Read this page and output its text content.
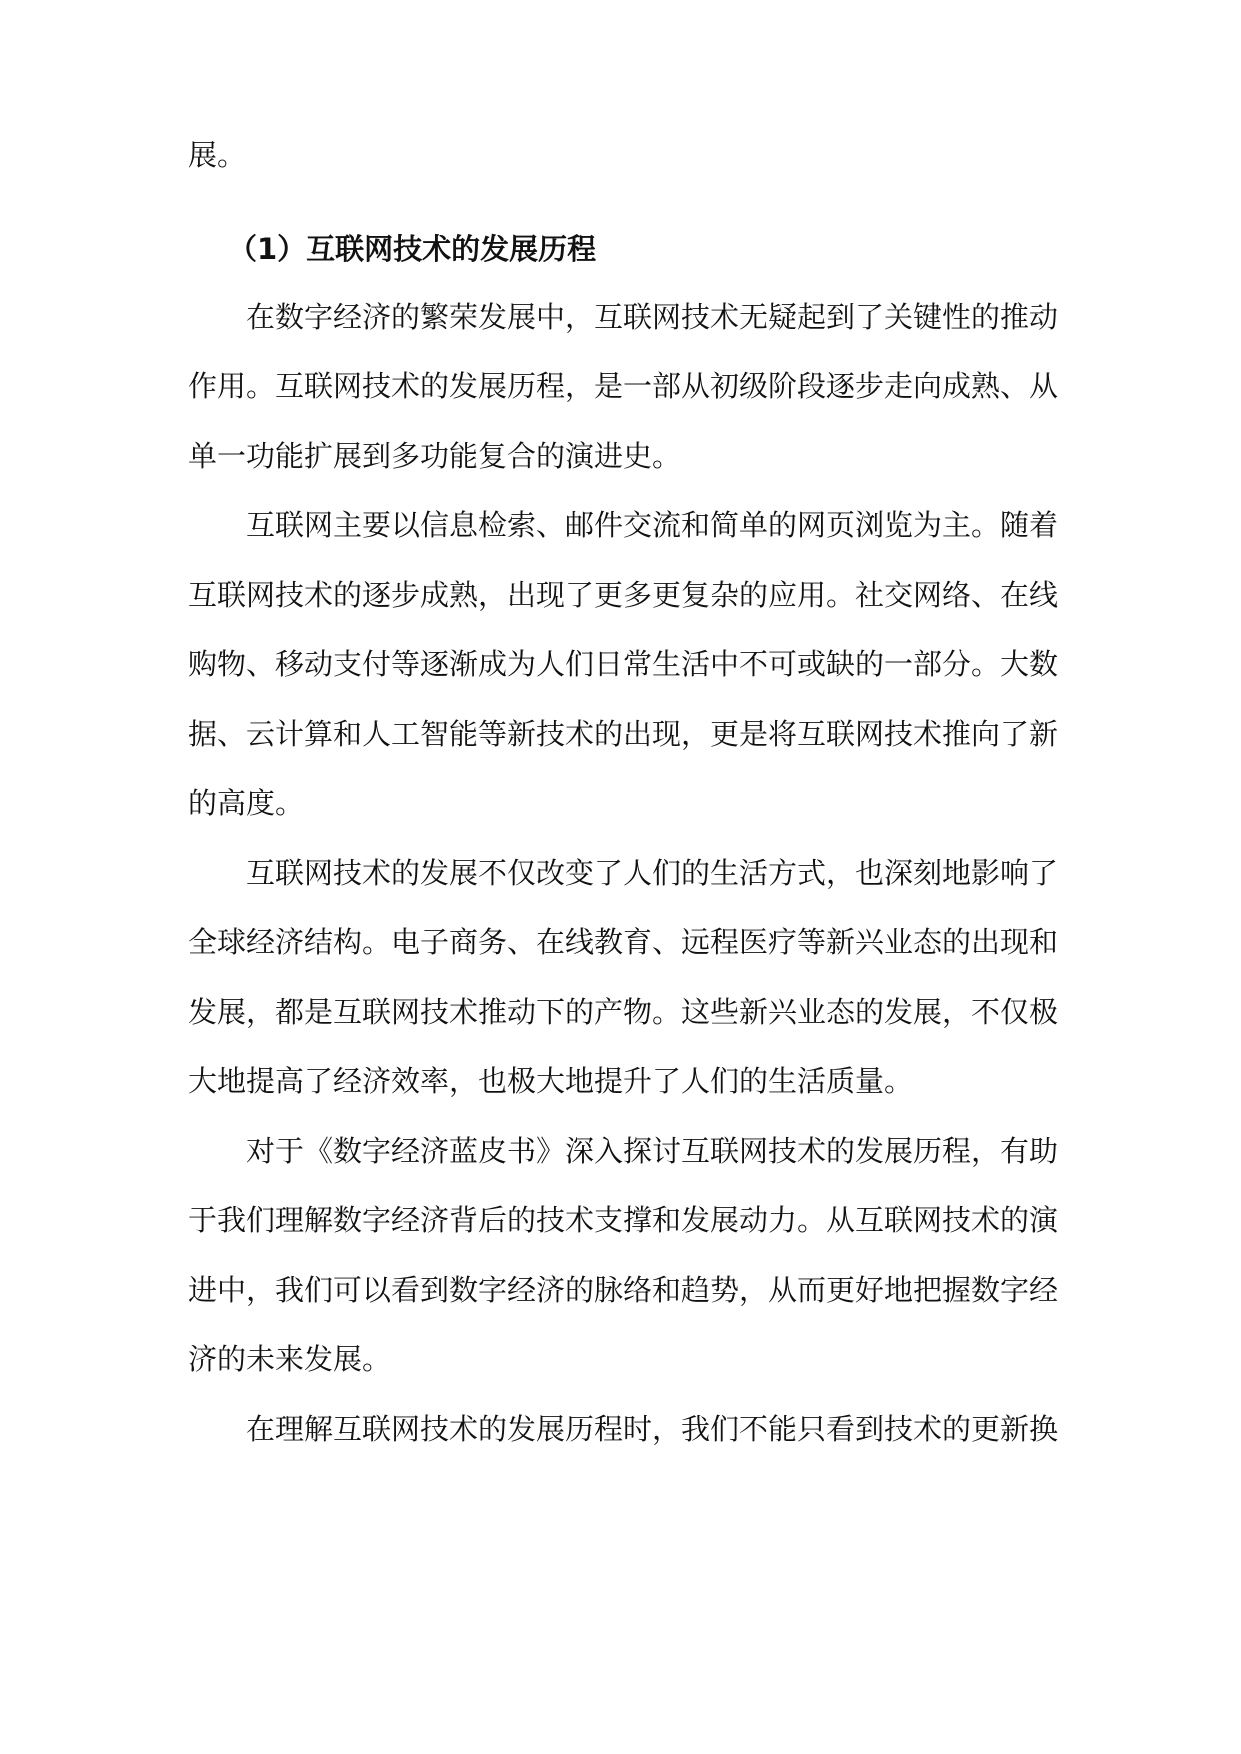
展。
（1）互联网技术的发展历程
在数字经济的繁荣发展中，互联网技术无疑起到了关键性的推动
作用。互联网技术的发展历程，是一部从初级阶段逐步走向成熟、从
单一功能扩展到多功能复合的演进史。
互联网主要以信息检索、邮件交流和简单的网页浏览为主。随着
互联网技术的逐步成熟，出现了更多更复杂的应用。社交网络、在线
购物、移动支付等逐渐成为人们日常生活中不可或缺的一部分。大数
据、云计算和人工智能等新技术的出现，更是将互联网技术推向了新
的高度。
互联网技术的发展不仅改变了人们的生活方式，也深刻地影响了
全球经济结构。电子商务、在线教育、远程医疗等新兴业态的出现和
发展，都是互联网技术推动下的产物。这些新兴业态的发展，不仅极
大地提高了经济效率，也极大地提升了人们的生活质量。
对于《数字经济蓝皮书》深入探讨互联网技术的发展历程，有助
于我们理解数字经济背后的技术支撑和发展动力。从互联网技术的演
进中，我们可以看到数字经济的脉络和趋势，从而更好地把握数字经
济的未来发展。
在理解互联网技术的发展历程时，我们不能只看到技术的更新换
